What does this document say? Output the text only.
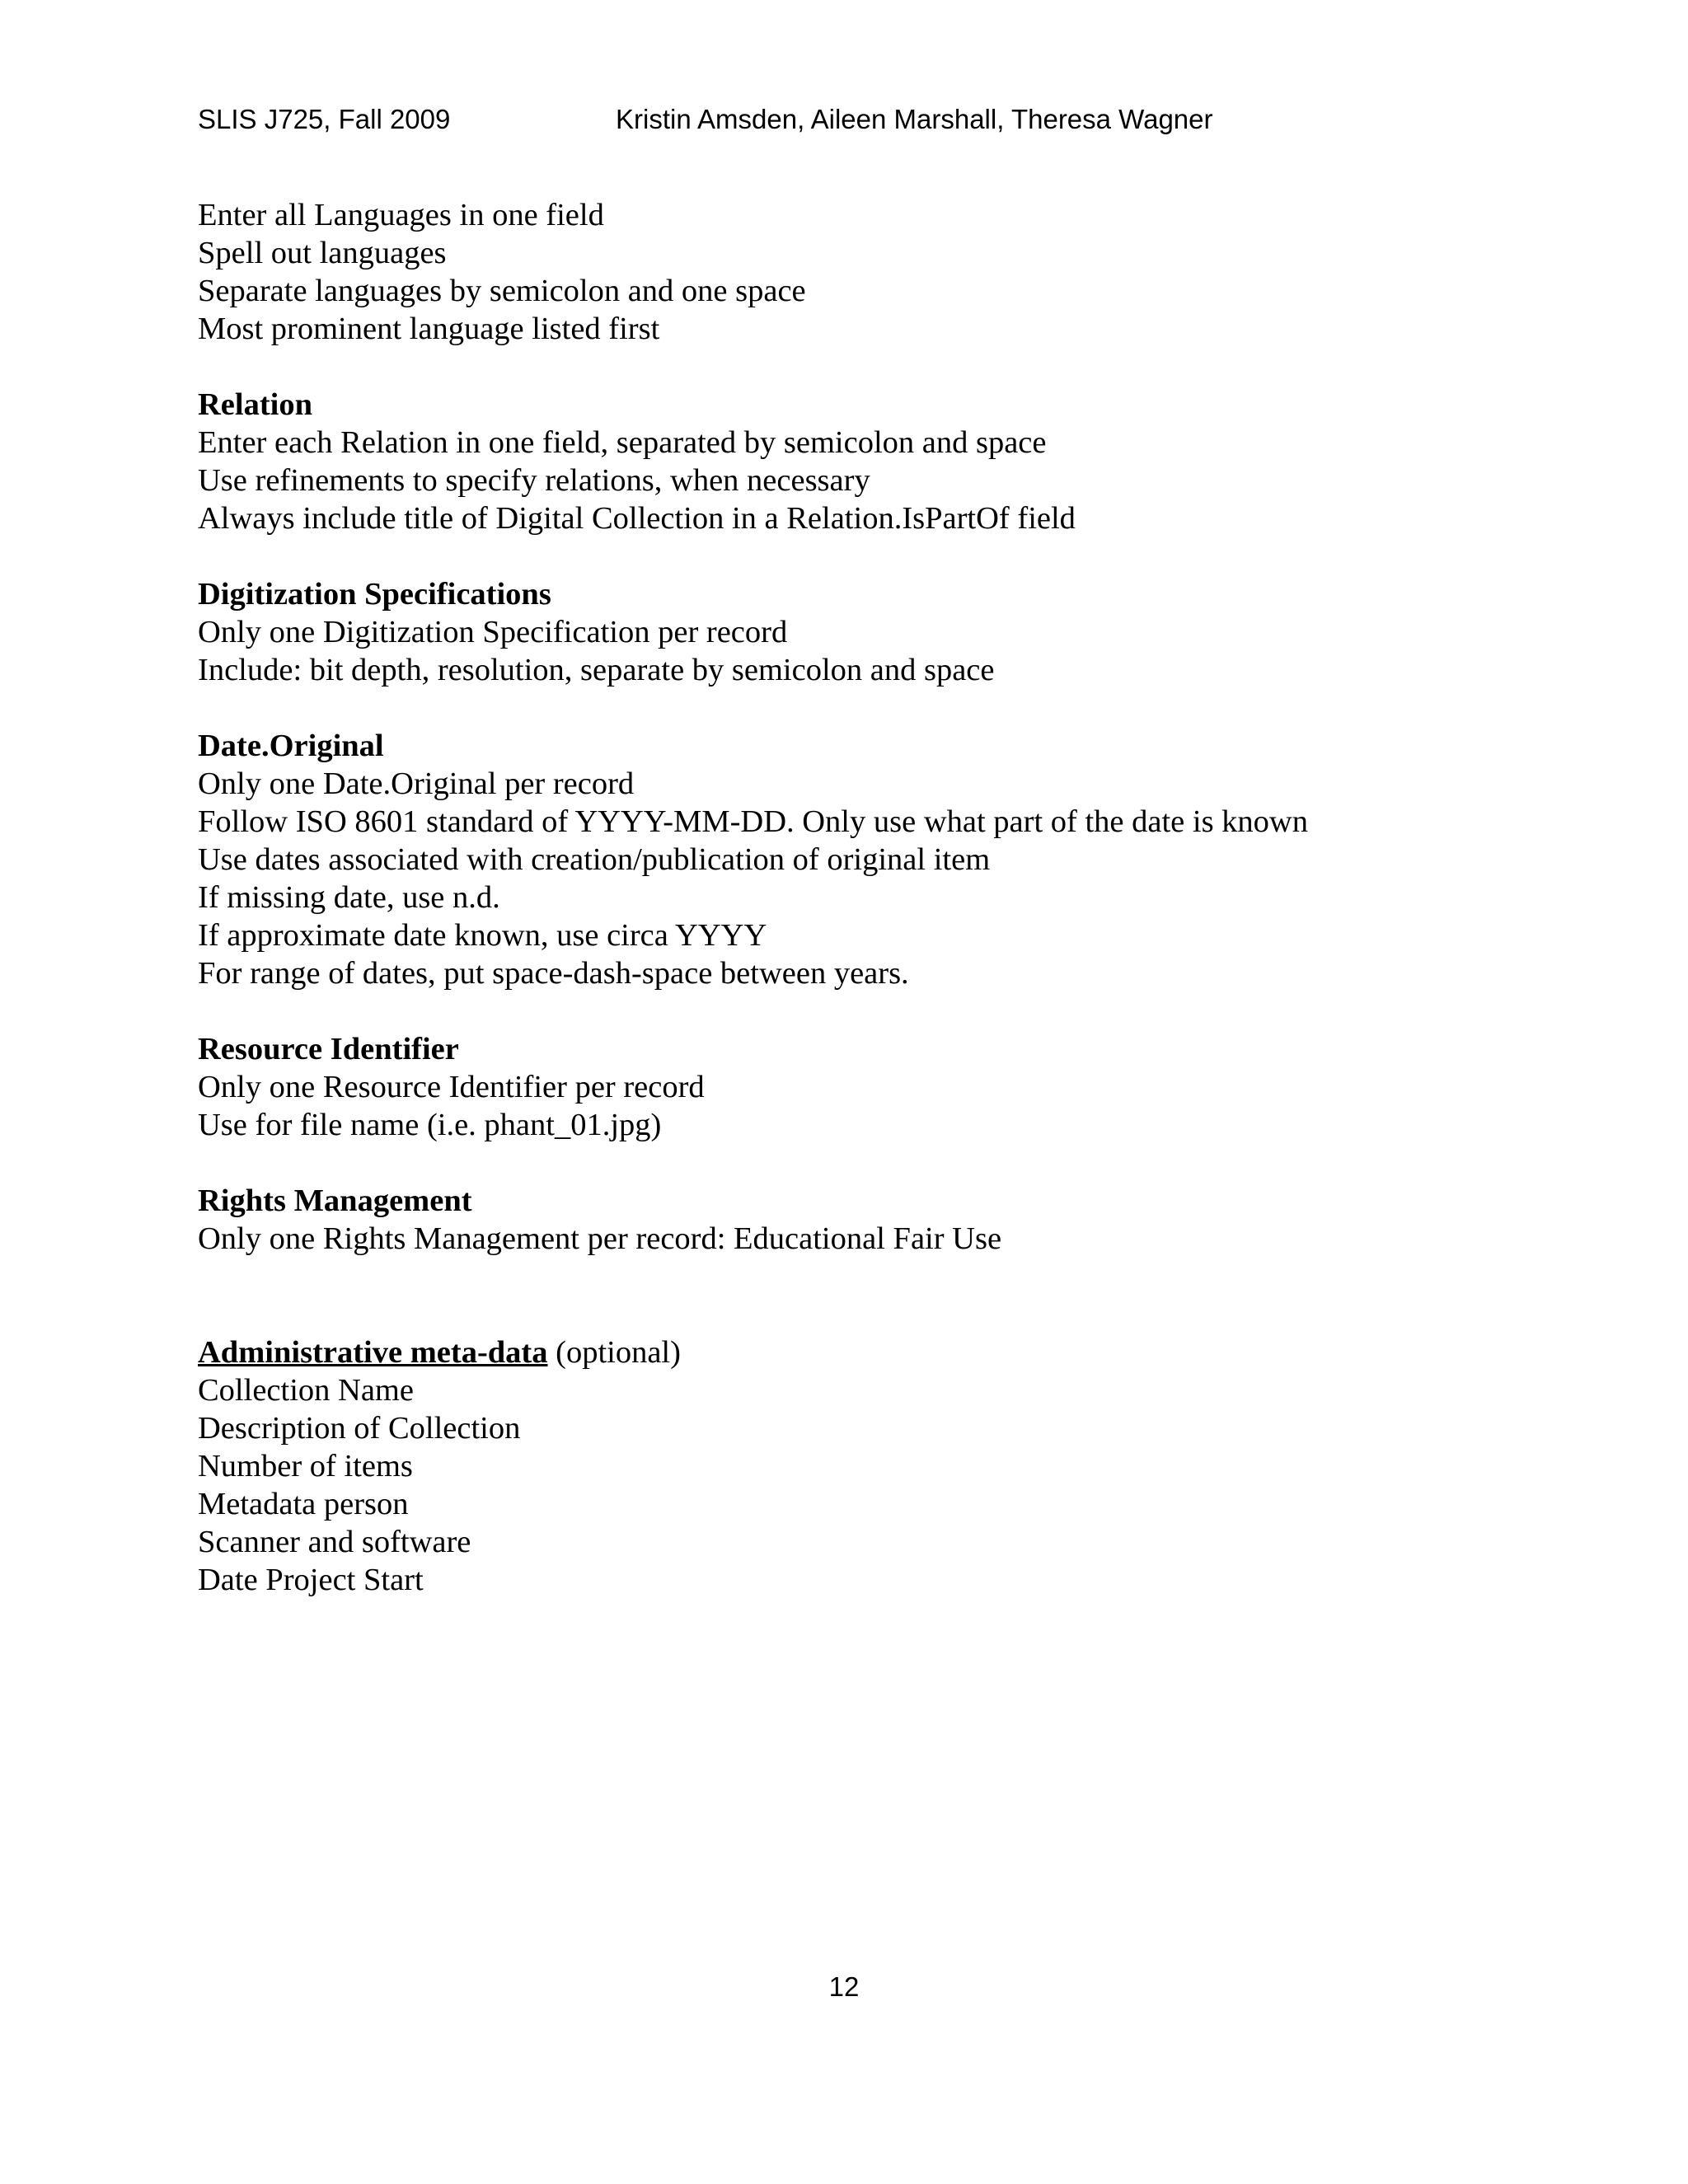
SLIS J725, Fall 2009	Kristin Amsden, Aileen Marshall, Theresa Wagner
Enter all Languages in one field
Spell out languages
Separate languages by semicolon and one space
Most prominent language listed first
Relation
Enter each Relation in one field, separated by semicolon and space
Use refinements to specify relations, when necessary
Always include title of Digital Collection in a Relation.IsPartOf field
Digitization Specifications
Only one Digitization Specification per record
Include: bit depth, resolution, separate by semicolon and space
Date.Original
Only one Date.Original per record
Follow ISO 8601 standard of YYYY-MM-DD. Only use what part of the date is known
Use dates associated with creation/publication of original item
If missing date, use n.d.
If approximate date known, use circa YYYY
For range of dates, put space-dash-space between years.
Resource Identifier
Only one Resource Identifier per record
Use for file name (i.e. phant_01.jpg)
Rights Management
Only one Rights Management per record: Educational Fair Use
Administrative meta-data (optional)
Collection Name
Description of Collection
Number of items
Metadata person
Scanner and software
Date Project Start
12
